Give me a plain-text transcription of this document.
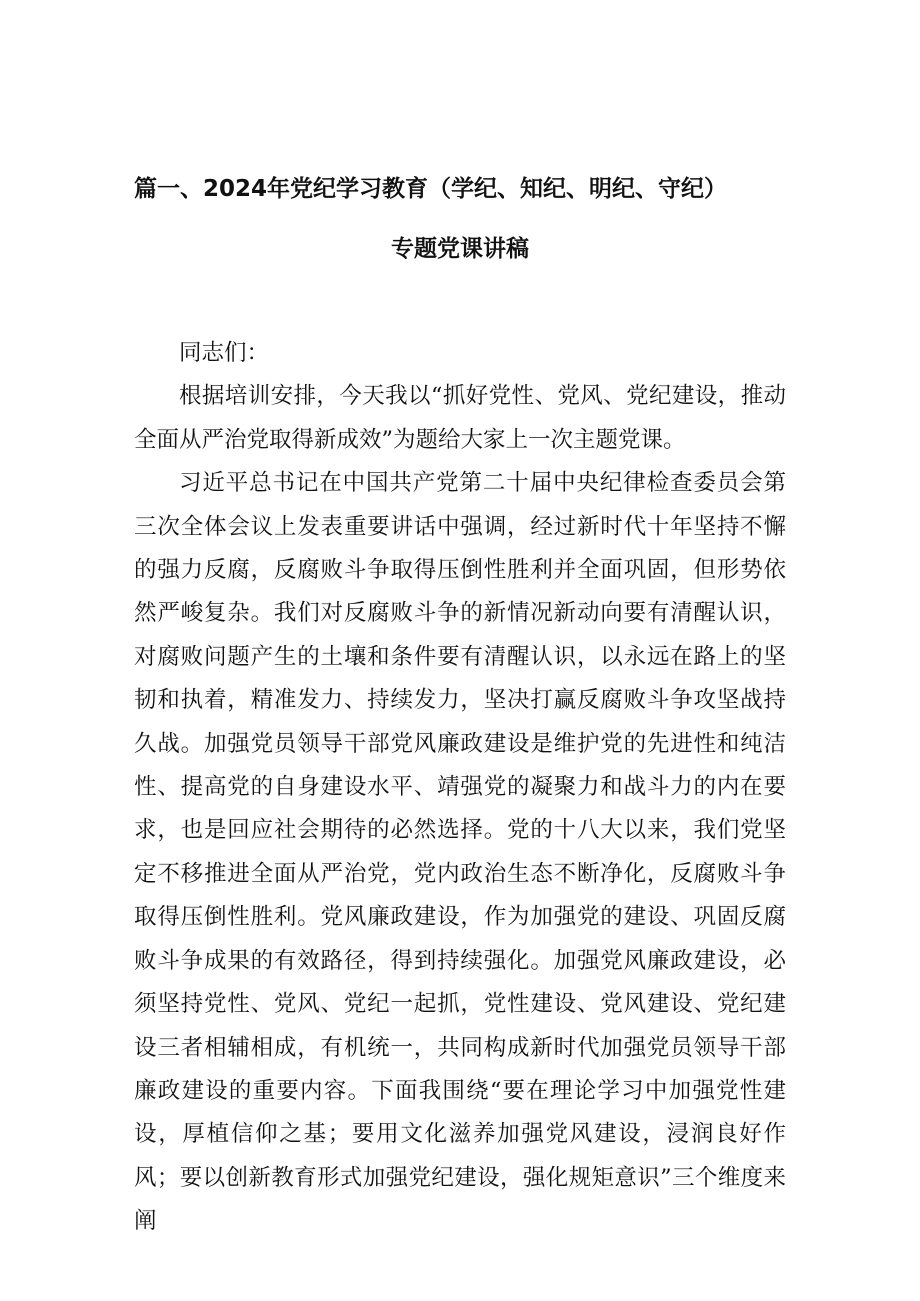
篇一、2024年党纪学习教育（学纪、知纪、明纪、守纪）
专题党课讲稿

同志们：

根据培训安排，今天我以“抓好党性、党风、党纪建设，推动全面从严治党取得新成效”为题给大家上一次主题党课。

习近平总书记在中国共产党第二十届中央纪律检查委员会第三次全体会议上发表重要讲话中强调，经过新时代十年坚持不懈的强力反腐，反腐败斗争取得压倒性胜利并全面巩固，但形势依然严峻复杂。我们对反腐败斗争的新情况新动向要有清醒认识，对腐败问题产生的土壤和条件要有清醒认识，以永远在路上的坚韧和执着，精准发力、持续发力，坚决打赢反腐败斗争攻坚战持久战。加强党员领导干部党风廉政建设是维护党的先进性和纯洁性、提高党的自身建设水平、靖强党的凝聚力和战斗力的内在要求，也是回应社会期待的必然选择。党的十八大以来，我们党坚定不移推进全面从严治党，党内政治生态不断净化，反腐败斗争取得压倒性胜利。党风廉政建设，作为加强党的建设、巩固反腐败斗争成果的有效路径，得到持续强化。加强党风廉政建设，必须坚持党性、党风、党纪一起抓，党性建设、党风建设、党纪建设三者相辅相成，有机统一，共同构成新时代加强党员领导干部廉政建设的重要内容。下面我围绕“要在理论学习中加强党性建设，厚植信仰之基；要用文化滋养加强党风建设，浸润良好作风；要以创新教育形式加强党纪建设，强化规矩意识”三个维度来阐
